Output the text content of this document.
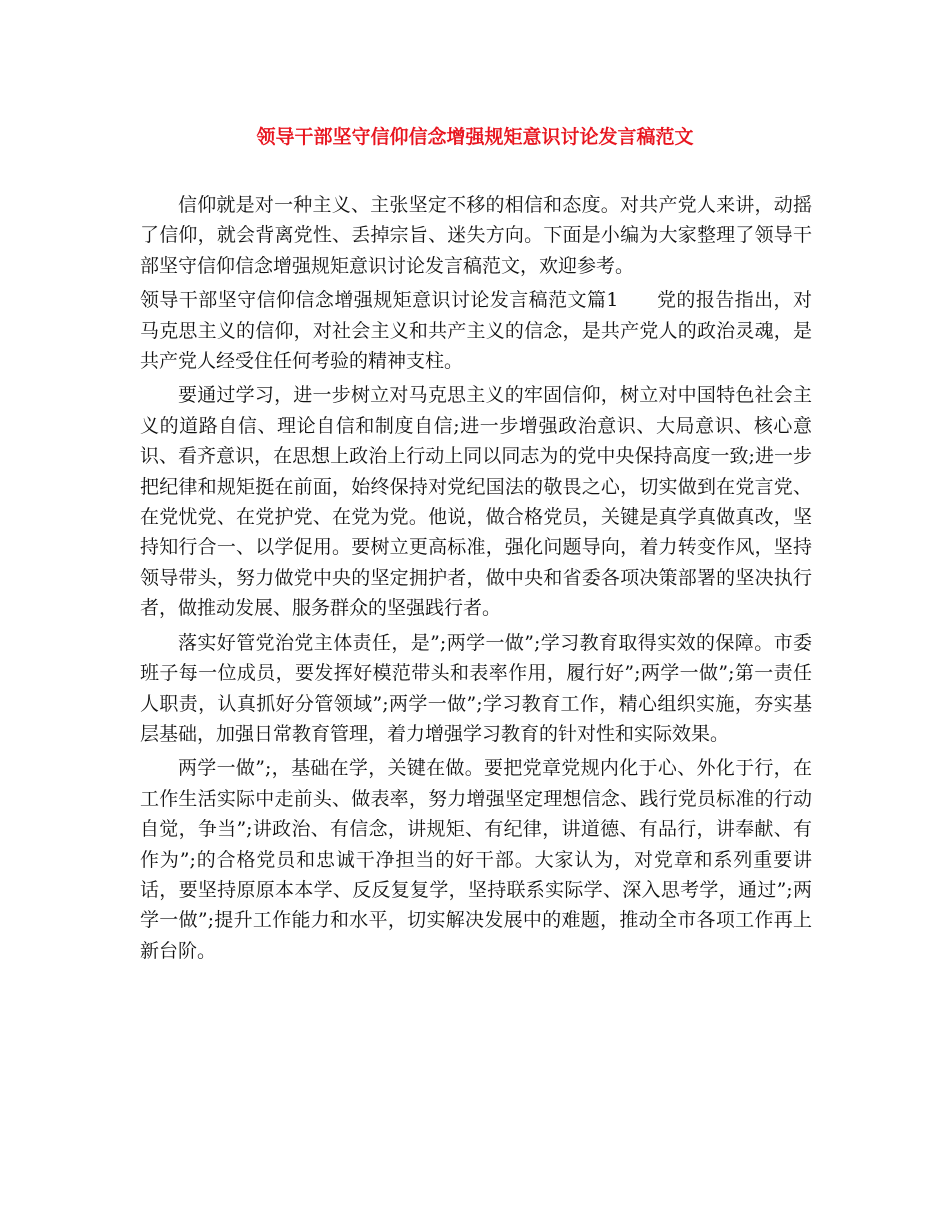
领导干部坚守信仰信念增强规矩意识讨论发言稿范文

信仰就是对一种主义、主张坚定不移的相信和态度。对共产党人来讲，动摇了信仰，就会背离党性、丢掉宗旨、迷失方向。下面是小编为大家整理了领导干部坚守信仰信念增强规矩意识讨论发言稿范文，欢迎参考。

领导干部坚守信仰信念增强规矩意识讨论发言稿范文篇1 党的报告指出，对马克思主义的信仰，对社会主义和共产主义的信念，是共产党人的政治灵魂，是共产党人经受住任何考验的精神支柱。

要通过学习，进一步树立对马克思主义的牢固信仰，树立对中国特色社会主义的道路自信、理论自信和制度自信;进一步增强政治意识、大局意识、核心意识、看齐意识，在思想上政治上行动上同以同志为的党中央保持高度一致;进一步把纪律和规矩挺在前面，始终保持对党纪国法的敬畏之心，切实做到在党言党、在党忧党、在党护党、在党为党。他说，做合格党员，关键是真学真做真改，坚持知行合一、以学促用。要树立更高标准，强化问题导向，着力转变作风，坚持领导带头，努力做党中央的坚定拥护者，做中央和省委各项决策部署的坚决执行者，做推动发展、服务群众的坚强践行者。

落实好管党治党主体责任，是”;两学一做”;学习教育取得实效的保障。市委班子每一位成员，要发挥好模范带头和表率作用，履行好”;两学一做”;第一责任人职责，认真抓好分管领域”;两学一做”;学习教育工作，精心组织实施，夯实基层基础，加强日常教育管理，着力增强学习教育的针对性和实际效果。

两学一做”;，基础在学，关键在做。要把党章党规内化于心、外化于行，在工作生活实际中走前头、做表率，努力增强坚定理想信念、践行党员标准的行动自觉，争当”;讲政治、有信念，讲规矩、有纪律，讲道德、有品行，讲奉献、有作为”;的合格党员和忠诚干净担当的好干部。大家认为，对党章和系列重要讲话，要坚持原原本本学、反反复复学，坚持联系实际学、深入思考学，通过”;两学一做”;提升工作能力和水平，切实解决发展中的难题，推动全市各项工作再上新台阶。
